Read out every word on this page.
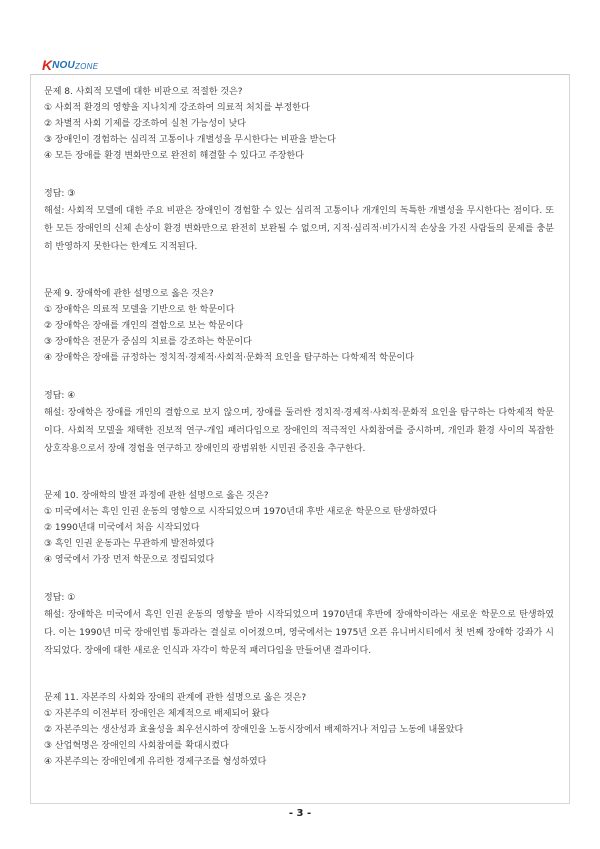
K NOU ZONE
문제 8. 사회적 모델에 대한 비판으로 적절한 것은?
① 사회적 환경의 영향을 지나치게 강조하여 의료적 처치를 부정한다
② 차별적 사회 기제를 강조하여 실천 가능성이 낮다
③ 장애인이 경험하는 심리적 고통이나 개별성을 무시한다는 비판을 받는다
④ 모든 장애를 환경 변화만으로 완전히 해결할 수 있다고 주장한다
정답: ③
해설: 사회적 모델에 대한 주요 비판은 장애인이 경험할 수 있는 심리적 고통이나 개개인의 독특한 개별성을 무시한다는 점이다. 또한 모든 장애인의 신체 손상이 환경 변화만으로 완전히 보완될 수 없으며, 지적·심리적·비가시적 손상을 가진 사람들의 문제를 충분히 반영하지 못한다는 한계도 지적된다.
문제 9. 장애학에 관한 설명으로 옳은 것은?
① 장애학은 의료적 모델을 기반으로 한 학문이다
② 장애학은 장애를 개인의 결함으로 보는 학문이다
③ 장애학은 전문가 중심의 치료를 강조하는 학문이다
④ 장애학은 장애를 규정하는 정치적·경제적·사회적·문화적 요인을 탐구하는 다학제적 학문이다
정답: ④
해설: 장애학은 장애를 개인의 결함으로 보지 않으며, 장애를 둘러싼 정치적·경제적·사회적·문화적 요인을 탐구하는 다학제적 학문이다. 사회적 모델을 채택한 진보적 연구-개입 패러다임으로 장애인의 적극적인 사회참여를 중시하며, 개인과 환경 사이의 복잡한 상호작용으로서 장애 경험을 연구하고 장애인의 광범위한 시민권 증진을 추구한다.
문제 10. 장애학의 발전 과정에 관한 설명으로 옳은 것은?
① 미국에서는 흑인 인권 운동의 영향으로 시작되었으며 1970년대 후반 새로운 학문으로 탄생하였다
② 1990년대 미국에서 처음 시작되었다
③ 흑인 인권 운동과는 무관하게 발전하였다
④ 영국에서 가장 먼저 학문으로 정립되었다
정답: ①
해설: 장애학은 미국에서 흑인 인권 운동의 영향을 받아 시작되었으며 1970년대 후반에 장애학이라는 새로운 학문으로 탄생하였다. 이는 1990년 미국 장애인법 통과라는 결실로 이어졌으며, 영국에서는 1975년 오픈 유니버시티에서 첫 번째 장애학 강좌가 시작되었다. 장애에 대한 새로운 인식과 자각이 학문적 패러다임을 만들어낸 결과이다.
문제 11. 자본주의 사회와 장애의 관계에 관한 설명으로 옳은 것은?
① 자본주의 이전부터 장애인은 체계적으로 배제되어 왔다
② 자본주의는 생산성과 효율성을 최우선시하여 장애인을 노동시장에서 배제하거나 저임금 노동에 내몰았다
③ 산업혁명은 장애인의 사회참여를 확대시켰다
④ 자본주의는 장애인에게 유리한 경제구조를 형성하였다
- 3 -
